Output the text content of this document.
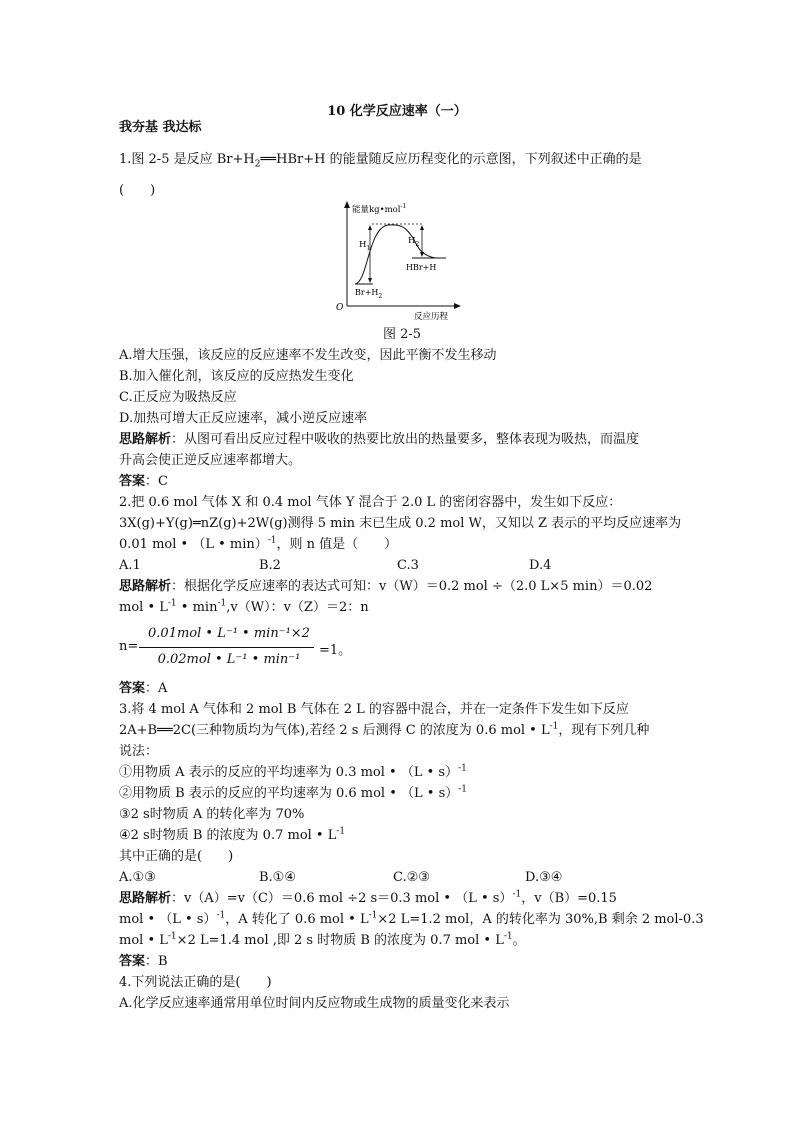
10 化学反应速率（一）
我夯基 我达标
1.图 2-5 是反应 $Br+H_2══HBr+H$ 的能量随反应历程变化的示意图，下列叙述中正确的是
(　　)
能量kg•mol$^{-1}$
O
反应历程
$H_1$
$H_2$
HBr+H
$Br+H_2$
图 2-5
A.增大压强，该反应的反应速率不发生改变，因此平衡不发生移动
B.加入催化剂，该反应的反应热发生变化
C.正反应为吸热反应
D.加热可增大正反应速率，减小逆反应速率
思路解析：从图可看出反应过程中吸收的热要比放出的热量要多，整体表现为吸热，而温度
升高会使正逆反应速率都增大。
答案：C
2.把 0.6 mol 气体 X 和 0.4 mol 气体 Y 混合于 2.0 L 的密闭容器中，发生如下反应：
3X(g)+Y(g)═nZ(g)+2W(g)测得 5 min 末已生成 0.2 mol W，又知以 Z 表示的平均反应速率为
0.01 mol • （L • min）$^{-1}$，则 n 值是（　　）
A.1	B.2	C.3	D.4
思路解析：根据化学反应速率的表达式可知：v（W）＝0.2 mol ÷（2.0 L×5 min）＝0.02
mol • $L^{-1}$ • $\min^{-1},v(W)$：v（Z）＝2：n
n=
0.01mol • L⁻¹ • min⁻¹×2
0.02mol • L⁻¹ • min⁻¹
=1。
答案：A
3.将 4 mol A 气体和 2 mol B 气体在 2 L 的容器中混合，并在一定条件下发生如下反应
2A+B══2C(三种物质均为气体),若经 2 s 后测得 C 的浓度为 0.6 mol • $L^{-1}$，现有下列几种
说法：
①用物质 A 表示的反应的平均速率为 0.3 mol • （L • s）$^{-1}$
②用物质 B 表示的反应的平均速率为 0.6 mol • （L • s）$^{-1}$
③2 s时物质 A 的转化率为 70%
④2 s时物质 B 的浓度为 0.7 mol • $L^{-1}$
其中正确的是(　　)
A.①③	B.①④	C.②③	D.③④
思路解析：v（A）=v（C）＝0.6 mol ÷2 s＝0.3 mol • （L • s）$^{-1}$，v（B）=0.15
mol • （L • s）$^{-1}$，A 转化了 0.6 mol • $L^{-1}\times 2$ L=1.2 mol，A 的转化率为 30%,B 剩余 2 mol-0.3
mol • $L^{-1}\times 2$ L=1.4 mol ,即 2 s 时物质 B 的浓度为 0.7 mol • $L^{-1}$。
答案：B
4.下列说法正确的是(　　)
A.化学反应速率通常用单位时间内反应物或生成物的质量变化来表示
